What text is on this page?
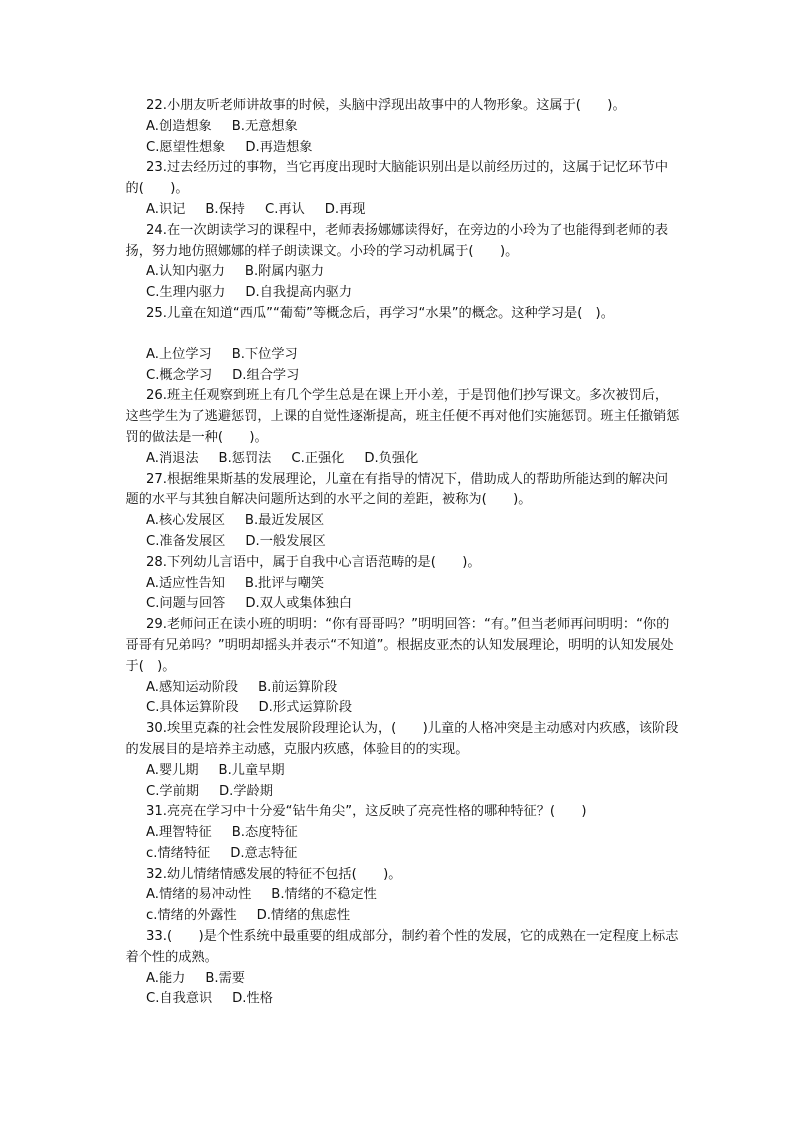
22.小朋友听老师讲故事的时候，头脑中浮现出故事中的人物形象。这属于(　　)。

A.创造想象 B.无意想象

C.愿望性想象 D.再造想象

23.过去经历过的事物，当它再度出现时大脑能识别出是以前经历过的，这属于记忆环节中的(　　)。

A.识记 B.保持 C.再认 D.再现

24.在一次朗读学习的课程中，老师表扬娜娜读得好，在旁边的小玲为了也能得到老师的表扬，努力地仿照娜娜的样子朗读课文。小玲的学习动机属于(　　)。

A.认知内驱力 B.附属内驱力

C.生理内驱力 D.自我提高内驱力

25.儿童在知道“西瓜”“葡萄”等概念后，再学习“水果”的概念。这种学习是(　)。

A.上位学习 B.下位学习

C.概念学习 D.组合学习

26.班主任观察到班上有几个学生总是在课上开小差，于是罚他们抄写课文。多次被罚后，这些学生为了逃避惩罚，上课的自觉性逐渐提高，班主任便不再对他们实施惩罚。班主任撤销惩罚的做法是一种(　　)。

A.消退法 B.惩罚法 C.正强化 D.负强化

27.根据维果斯基的发展理论，儿童在有指导的情况下，借助成人的帮助所能达到的解决问题的水平与其独自解决问题所达到的水平之间的差距，被称为(　　)。

A.核心发展区 B.最近发展区

C.准备发展区 D.一般发展区

28.下列幼儿言语中，属于自我中心言语范畴的是(　　)。

A.适应性告知 B.批评与嘲笑

C.问题与回答 D.双人或集体独白

29.老师问正在读小班的明明：“你有哥哥吗？”明明回答：“有。”但当老师再问明明：“你的哥哥有兄弟吗？”明明却摇头并表示“不知道”。根据皮亚杰的认知发展理论，明明的认知发展处于(　)。

A.感知运动阶段 B.前运算阶段

C.具体运算阶段 D.形式运算阶段

30.埃里克森的社会性发展阶段理论认为，(　　)儿童的人格冲突是主动感对内疚感，该阶段的发展目的是培养主动感，克服内疚感，体验目的的实现。

A.婴儿期 B.儿童早期

C.学前期 D.学龄期

31.亮亮在学习中十分爱“钻牛角尖”，这反映了亮亮性格的哪种特征？(　　)

A.理智特征 B.态度特征

c.情绪特征 D.意志特征

32.幼儿情绪情感发展的特征不包括(　　)。

A.情绪的易冲动性 B.情绪的不稳定性

c.情绪的外露性 D.情绪的焦虑性

33.(　　)是个性系统中最重要的组成部分，制约着个性的发展，它的成熟在一定程度上标志着个性的成熟。

A.能力 B.需要

C.自我意识 D.性格
